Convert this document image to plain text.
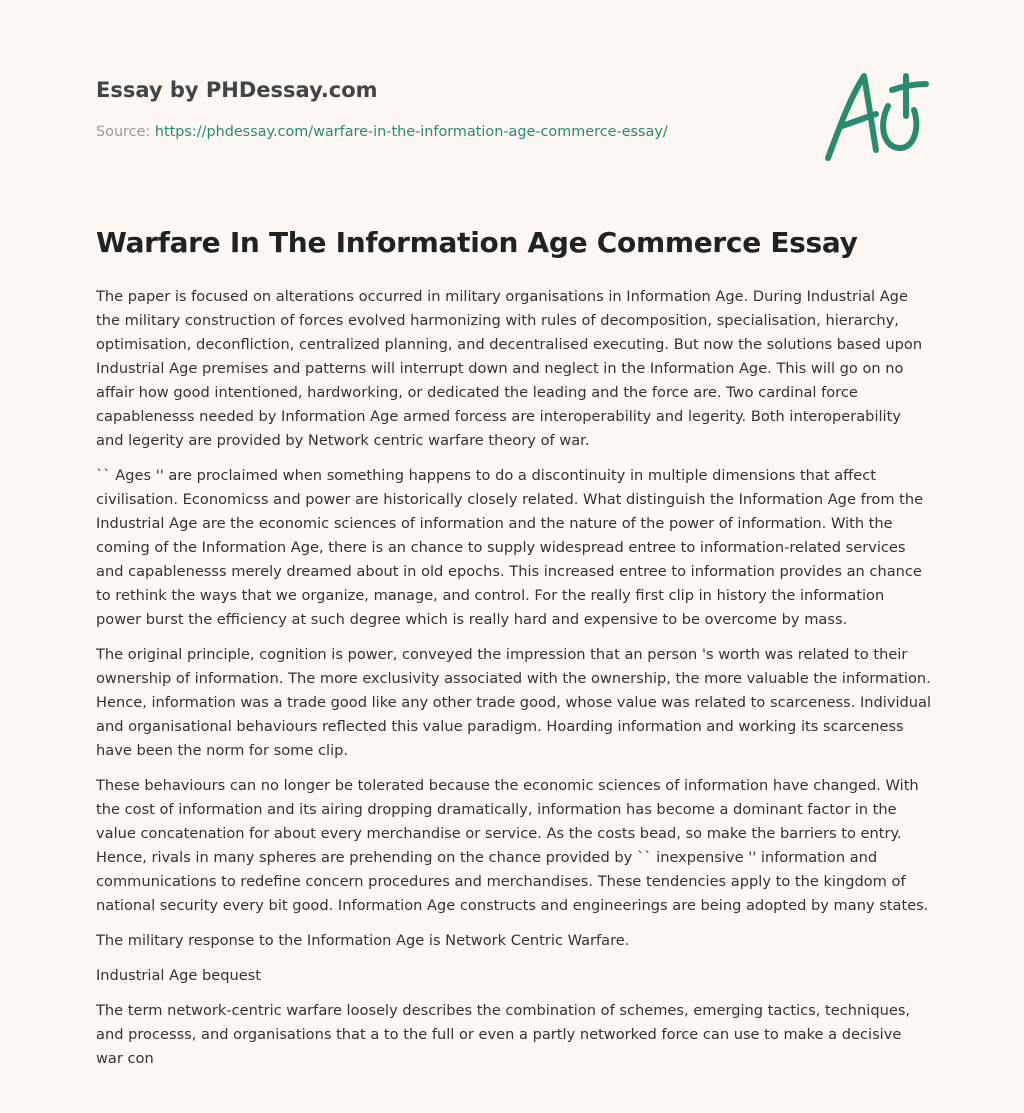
Essay by PHDessay.com
Source: https://phdessay.com/warfare-in-the-information-age-commerce-essay/
Warfare In The Information Age Commerce Essay

The paper is focused on alterations occurred in military organisations in Information Age. During Industrial Age the military construction of forces evolved harmonizing with rules of decomposition, specialisation, hierarchy, optimisation, deconfliction, centralized planning, and decentralised executing. But now the solutions based upon Industrial Age premises and patterns will interrupt down and neglect in the Information Age. This will go on no affair how good intentioned, hardworking, or dedicated the leading and the force are. Two cardinal force capablenesss needed by Information Age armed forcess are interoperability and legerity. Both interoperability and legerity are provided by Network centric warfare theory of war.

`` Ages '' are proclaimed when something happens to do a discontinuity in multiple dimensions that affect civilisation. Economicss and power are historically closely related. What distinguish the Information Age from the Industrial Age are the economic sciences of information and the nature of the power of information. With the coming of the Information Age, there is an chance to supply widespread entree to information-related services and capablenesss merely dreamed about in old epochs. This increased entree to information provides an chance to rethink the ways that we organize, manage, and control. For the really first clip in history the information power burst the efficiency at such degree which is really hard and expensive to be overcome by mass.

The original principle, cognition is power, conveyed the impression that an person 's worth was related to their ownership of information. The more exclusivity associated with the ownership, the more valuable the information. Hence, information was a trade good like any other trade good, whose value was related to scarceness. Individual and organisational behaviours reflected this value paradigm. Hoarding information and working its scarceness have been the norm for some clip.

These behaviours can no longer be tolerated because the economic sciences of information have changed. With the cost of information and its airing dropping dramatically, information has become a dominant factor in the value concatenation for about every merchandise or service. As the costs bead, so make the barriers to entry. Hence, rivals in many spheres are prehending on the chance provided by `` inexpensive '' information and communications to redefine concern procedures and merchandises. These tendencies apply to the kingdom of national security every bit good. Information Age constructs and engineerings are being adopted by many states.

The military response to the Information Age is Network Centric Warfare.

Industrial Age bequest

The term network-centric warfare loosely describes the combination of schemes, emerging tactics, techniques, and processs, and organisations that a to the full or even a partly networked force can use to make a decisive war con
